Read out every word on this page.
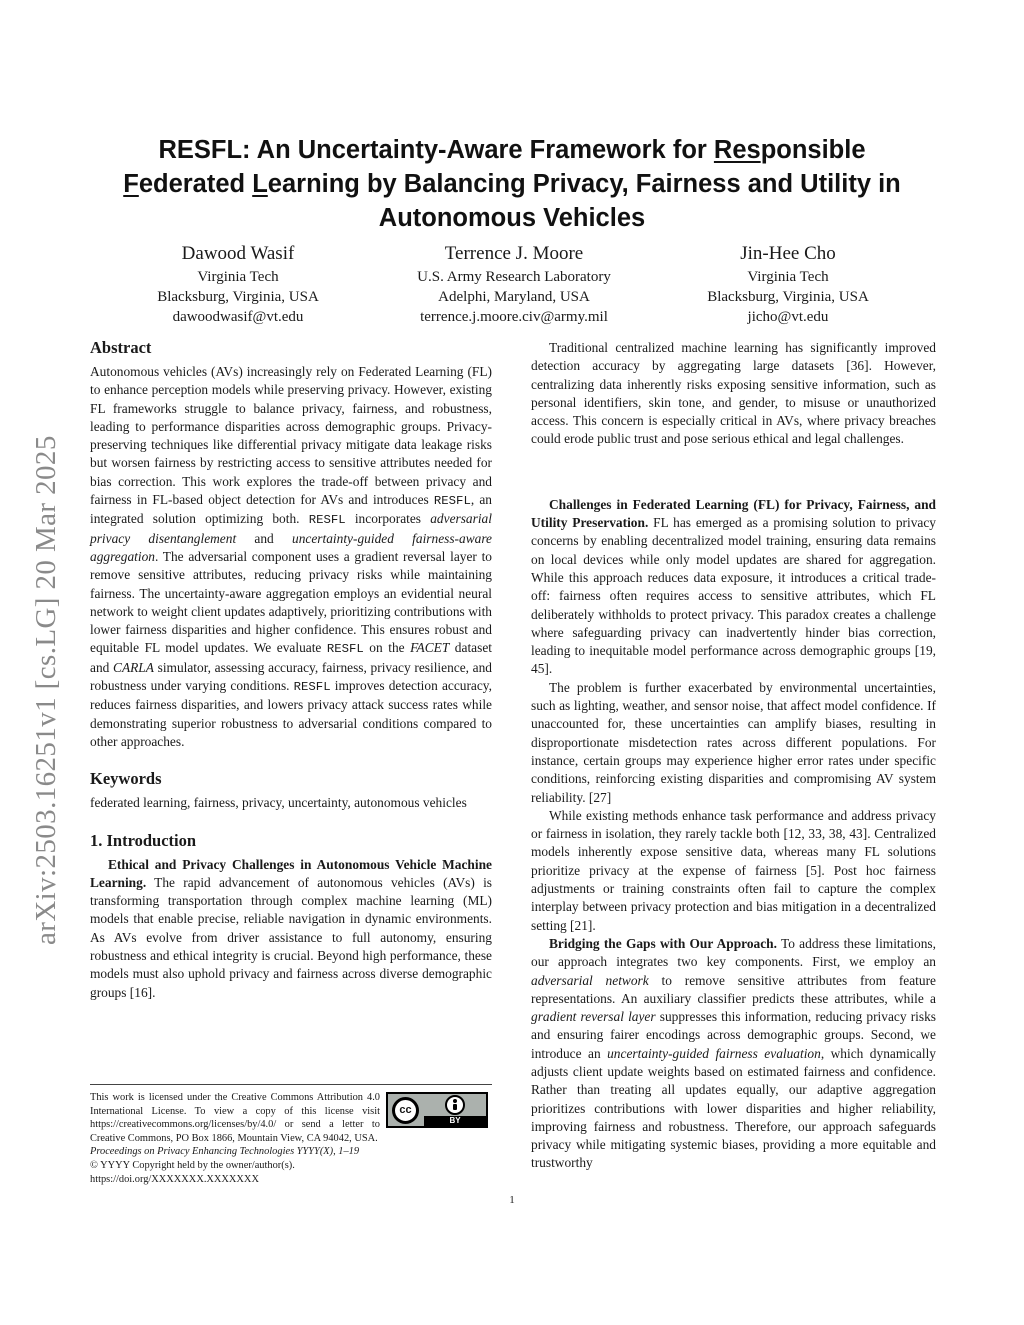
arXiv:2503.16251v1 [cs.LG] 20 Mar 2025
RESFL: An Uncertainty-Aware Framework for Responsible
Federated Learning by Balancing Privacy, Fairness and Utility in
Autonomous Vehicles
Dawood Wasif
Virginia Tech
Blacksburg, Virginia, USA
dawoodwasif@vt.edu
Terrence J. Moore
U.S. Army Research Laboratory
Adelphi, Maryland, USA
terrence.j.moore.civ@army.mil
Jin-Hee Cho
Virginia Tech
Blacksburg, Virginia, USA
jicho@vt.edu

Abstract

Autonomous vehicles (AVs) increasingly rely on Federated Learning (FL) to enhance perception models while preserving privacy. However, existing FL frameworks struggle to balance privacy, fairness, and robustness, leading to performance disparities across demographic groups. Privacy-preserving techniques like differential privacy mitigate data leakage risks but worsen fairness by restricting access to sensitive attributes needed for bias correction. This work explores the trade-off between privacy and fairness in FL-based object detection for AVs and introduces RESFL, an integrated solution optimizing both. RESFL incorporates adversarial privacy disentanglement and uncertainty-guided fairness-aware aggregation. The adversarial component uses a gradient reversal layer to remove sensitive attributes, reducing privacy risks while maintaining fairness. The uncertainty-aware aggregation employs an evidential neural network to weight client updates adaptively, prioritizing contributions with lower fairness disparities and higher confidence. This ensures robust and equitable FL model updates. We evaluate RESFL on the FACET dataset and CARLA simulator, assessing accuracy, fairness, privacy resilience, and robustness under varying conditions. RESFL improves detection accuracy, reduces fairness disparities, and lowers privacy attack success rates while demonstrating superior robustness to adversarial conditions compared to other approaches.

Keywords

federated learning, fairness, privacy, uncertainty, autonomous vehicles

1. Introduction

Ethical and Privacy Challenges in Autonomous Vehicle Machine Learning. The rapid advancement of autonomous vehicles (AVs) is transforming transportation through complex machine learning (ML) models that enable precise, reliable navigation in dynamic environments. As AVs evolve from driver assistance to full autonomy, ensuring robustness and ethical integrity is crucial. Beyond high performance, these models must also uphold privacy and fairness across diverse demographic groups [16].

This work is licensed under the Creative Commons Attribution 4.0 International License. To view a copy of this license visit https://creativecommons.org/licenses/by/4.0/ or send a letter to Creative Commons, PO Box 1866, Mountain View, CA 94042, USA.
Proceedings on Privacy Enhancing Technologies YYYY(X), 1–19
© YYYY Copyright held by the owner/author(s).
https://doi.org/XXXXXXX.XXXXXXX
cc
BY

Traditional centralized machine learning has significantly improved detection accuracy by aggregating large datasets [36]. However, centralizing data inherently risks exposing sensitive information, such as personal identifiers, skin tone, and gender, to misuse or unauthorized access. This concern is especially critical in AVs, where privacy breaches could erode public trust and pose serious ethical and legal challenges.

Challenges in Federated Learning (FL) for Privacy, Fairness, and Utility Preservation. FL has emerged as a promising solution to privacy concerns by enabling decentralized model training, ensuring data remains on local devices while only model updates are shared for aggregation. While this approach reduces data exposure, it introduces a critical trade-off: fairness often requires access to sensitive attributes, which FL deliberately withholds to protect privacy. This paradox creates a challenge where safeguarding privacy can inadvertently hinder bias correction, leading to inequitable model performance across demographic groups [19, 45].

The problem is further exacerbated by environmental uncertainties, such as lighting, weather, and sensor noise, that affect model confidence. If unaccounted for, these uncertainties can amplify biases, resulting in disproportionate misdetection rates across different populations. For instance, certain groups may experience higher error rates under specific conditions, reinforcing existing disparities and compromising AV system reliability. [27]

While existing methods enhance task performance and address privacy or fairness in isolation, they rarely tackle both [12, 33, 38, 43]. Centralized models inherently expose sensitive data, whereas many FL solutions prioritize privacy at the expense of fairness [5]. Post hoc fairness adjustments or training constraints often fail to capture the complex interplay between privacy protection and bias mitigation in a decentralized setting [21].

Bridging the Gaps with Our Approach. To address these limitations, our approach integrates two key components. First, we employ an adversarial network to remove sensitive attributes from feature representations. An auxiliary classifier predicts these attributes, while a gradient reversal layer suppresses this information, reducing privacy risks and ensuring fairer encodings across demographic groups. Second, we introduce an uncertainty-guided fairness evaluation, which dynamically adjusts client update weights based on estimated fairness and confidence. Rather than treating all updates equally, our adaptive aggregation prioritizes contributions with lower disparities and higher reliability, improving fairness and robustness. Therefore, our approach safeguards privacy while mitigating systemic biases, providing a more equitable and trustworthy

1
